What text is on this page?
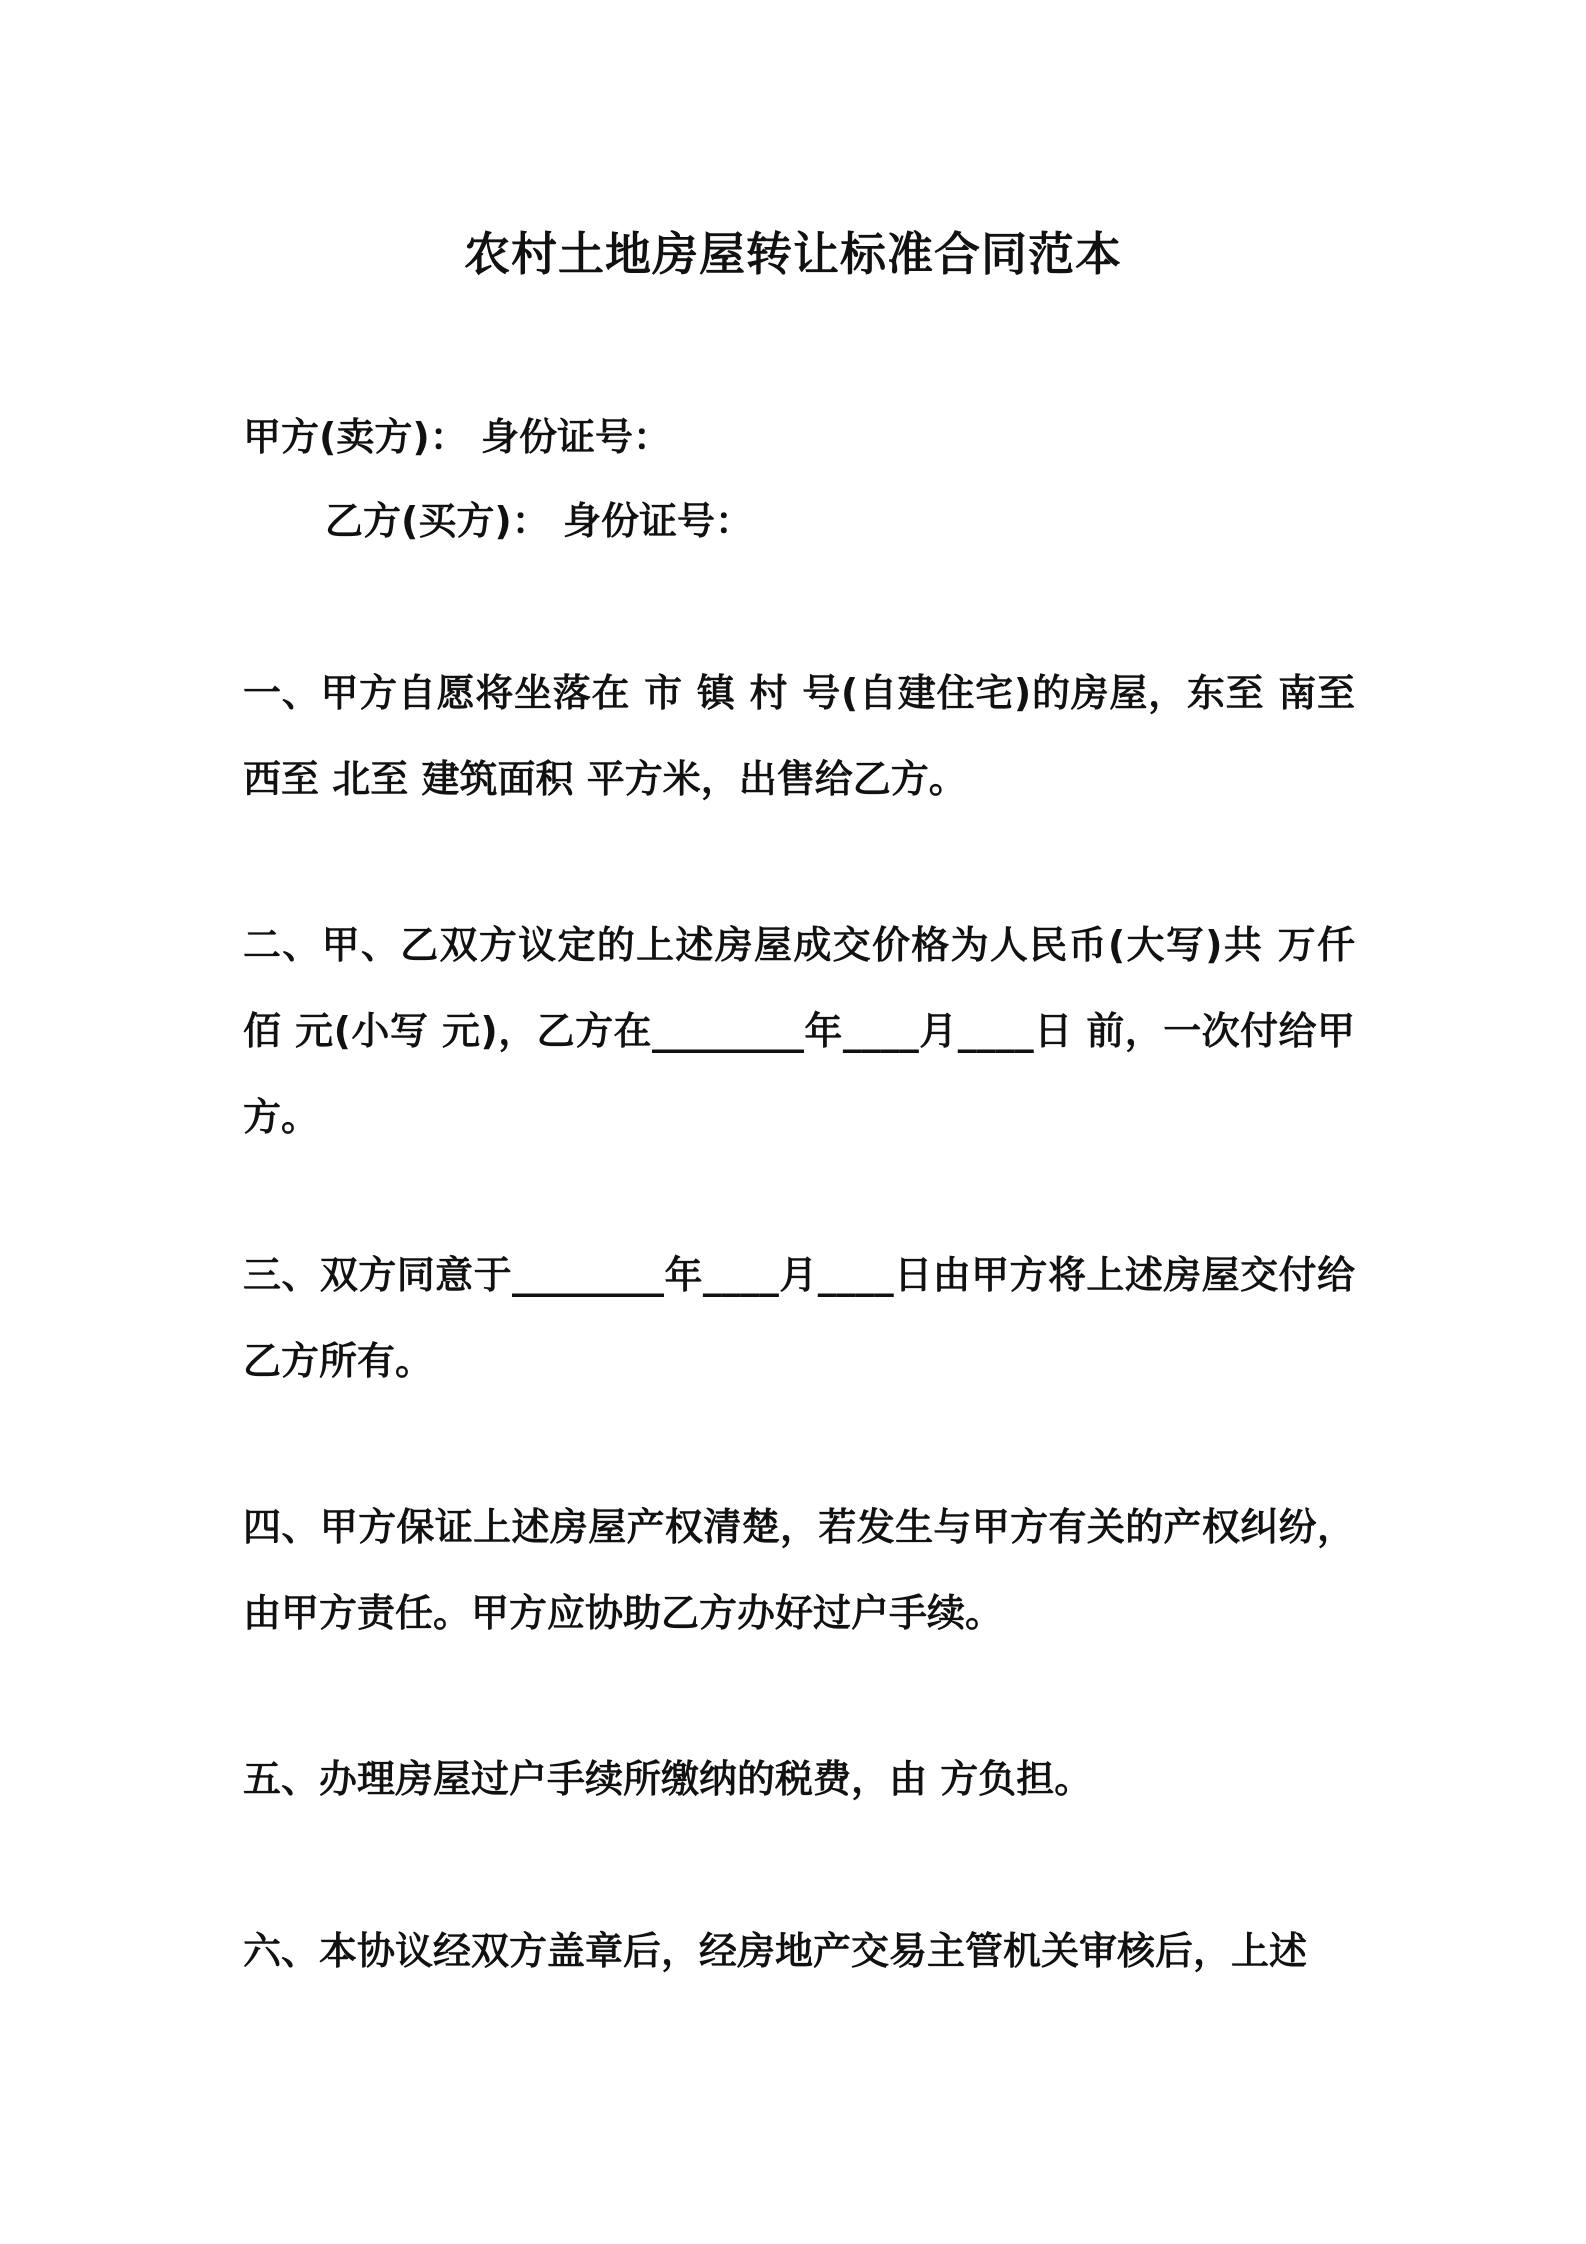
农村土地房屋转让标准合同范本
甲方(卖方)： 身份证号：
乙方(买方)： 身份证号：
一、甲方自愿将坐落在 市 镇 村 号(自建住宅)的房屋，东至 南至 西至 北至 建筑面积 平方米，出售给乙方。
二、甲、乙双方议定的上述房屋成交价格为人民币(大写)共 万仟 佰 元(小写 元)，乙方在________年____月____日 前，一次付给甲方。
三、双方同意于________年____月____日由甲方将上述房屋交付给乙方所有。
四、甲方保证上述房屋产权清楚，若发生与甲方有关的产权纠纷，由甲方责任。甲方应协助乙方办好过户手续。
五、办理房屋过户手续所缴纳的税费，由 方负担。
六、本协议经双方盖章后，经房地产交易主管机关审核后，上述
